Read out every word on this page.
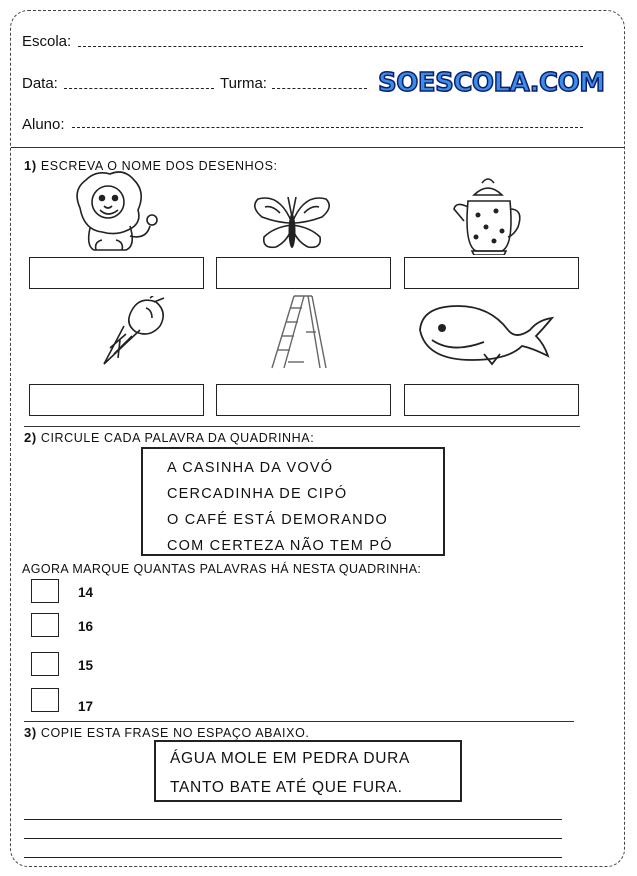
Escola:
Data:	Turma:	SOESCOLA.COM
Aluno:
1) ESCREVA O NOME DOS DESENHOS:
2) CIRCULE CADA PALAVRA DA QUADRINHA:
A CASINHA DA VOVÓ
CERCADINHA DE CIPÓ
O CAFÉ ESTÁ DEMORANDO
COM CERTEZA NÃO TEM PÓ
AGORA MARQUE QUANTAS PALAVRAS HÁ NESTA QUADRINHA:
14
16
15
17
3) COPIE ESTA FRASE NO ESPAÇO ABAIXO.
ÁGUA MOLE EM PEDRA DURA
TANTO BATE ATÉ QUE FURA.
